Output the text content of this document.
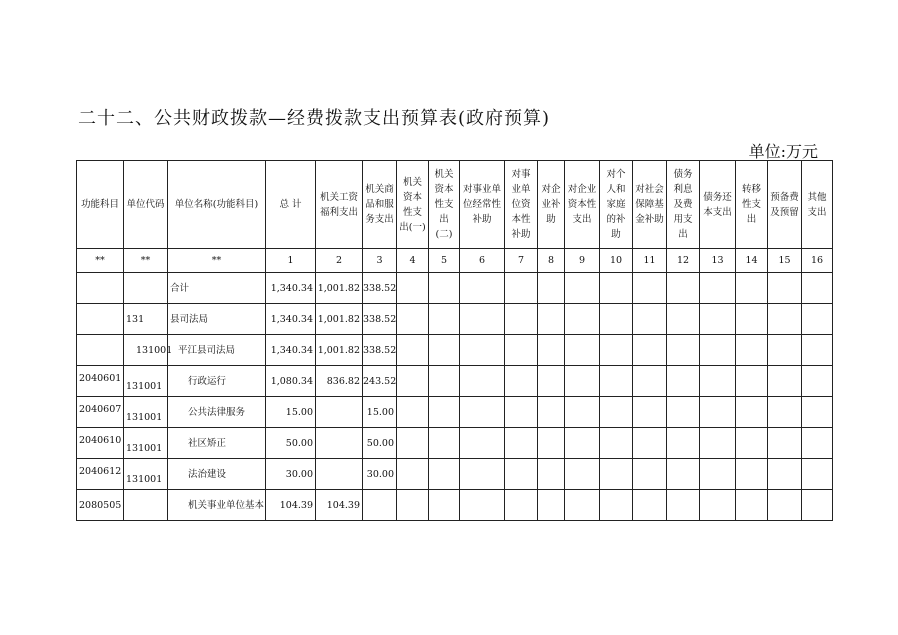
二十二、公共财政拨款—经费拨款支出预算表(政府预算)
单位:万元
功能科目	单位代码	单位名称(功能科目)	总 计	机关工资福利支出	机关商品和服务支出	机关资本性支出(一)	机关资本性支出(二)	对事业单位经常性补助	对事业单位资本性补助	对企业补助	对企业资本性支出	对个人和家庭的补助	对社会保障基金补助	债务利息及费用支出	债务还本支出	转移性支出	预备费及预留	其他支出
**	**	**	1	2	3	4	5	6	7	8	9	10	11	12	13	14	15	16
		合计	1,340.34	1,001.82	338.52													
	131	县司法局	1,340.34	1,001.82	338.52													
	131001	平江县司法局	1,340.34	1,001.82	338.52													
2040601	131001	行政运行	1,080.34	836.82	243.52													
2040607	131001	公共法律服务	15.00		15.00													
2040610	131001	社区矫正	50.00		50.00													
2040612	131001	法治建设	30.00		30.00													
2080505		机关事业单位基本	104.39	104.39														
